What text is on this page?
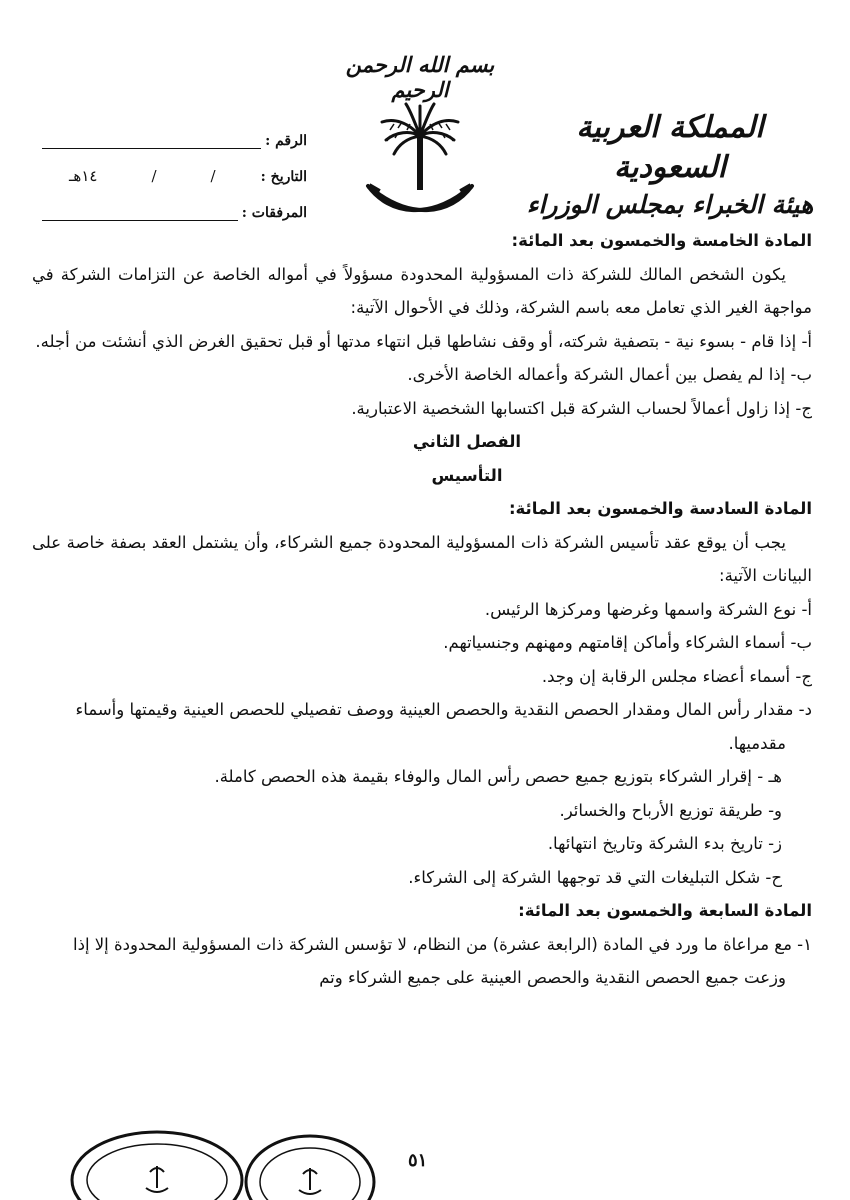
بسم الله الرحمن الرحيم
المملكة العربية السعودية
هيئة الخبراء بمجلس الوزراء
الرقم :
التاريخ :
/
/
١٤هـ
المرفقات :
المادة الخامسة والخمسون بعد المائة:
يكون الشخص المالك للشركة ذات المسؤولية المحدودة مسؤولاً في أمواله الخاصة عن التزامات الشركة في مواجهة الغير الذي تعامل معه باسم الشركة، وذلك في الأحوال الآتية:
أ- إذا قام - بسوء نية - بتصفية شركته، أو وقف نشاطها قبل انتهاء مدتها أو قبل تحقيق الغرض الذي أنشئت من أجله.
ب- إذا لم يفصل بين أعمال الشركة وأعماله الخاصة الأخرى.
ج- إذا زاول أعمالاً لحساب الشركة قبل اكتسابها الشخصية الاعتبارية.
الفصل الثاني
التأسيس
المادة السادسة والخمسون بعد المائة:
يجب أن يوقع عقد تأسيس الشركة ذات المسؤولية المحدودة جميع الشركاء، وأن يشتمل العقد بصفة خاصة على البيانات الآتية:
أ- نوع الشركة واسمها وغرضها ومركزها الرئيس.
ب- أسماء الشركاء وأماكن إقامتهم ومهنهم وجنسياتهم.
ج- أسماء أعضاء مجلس الرقابة إن وجد.
د- مقدار رأس المال ومقدار الحصص النقدية والحصص العينية ووصف تفصيلي للحصص العينية وقيمتها وأسماء مقدميها.
هـ - إقرار الشركاء بتوزيع جميع حصص رأس المال والوفاء بقيمة هذه الحصص كاملة.
و- طريقة توزيع الأرباح والخسائر.
ز- تاريخ بدء الشركة وتاريخ انتهائها.
ح- شكل التبليغات التي قد توجهها الشركة إلى الشركاء.
المادة السابعة والخمسون بعد المائة:
١- مع مراعاة ما ورد في المادة (الرابعة عشرة) من النظام، لا تؤسس الشركة ذات المسؤولية المحدودة إلا إذا وزعت جميع الحصص النقدية والحصص العينية على جميع الشركاء وتم
٥١
